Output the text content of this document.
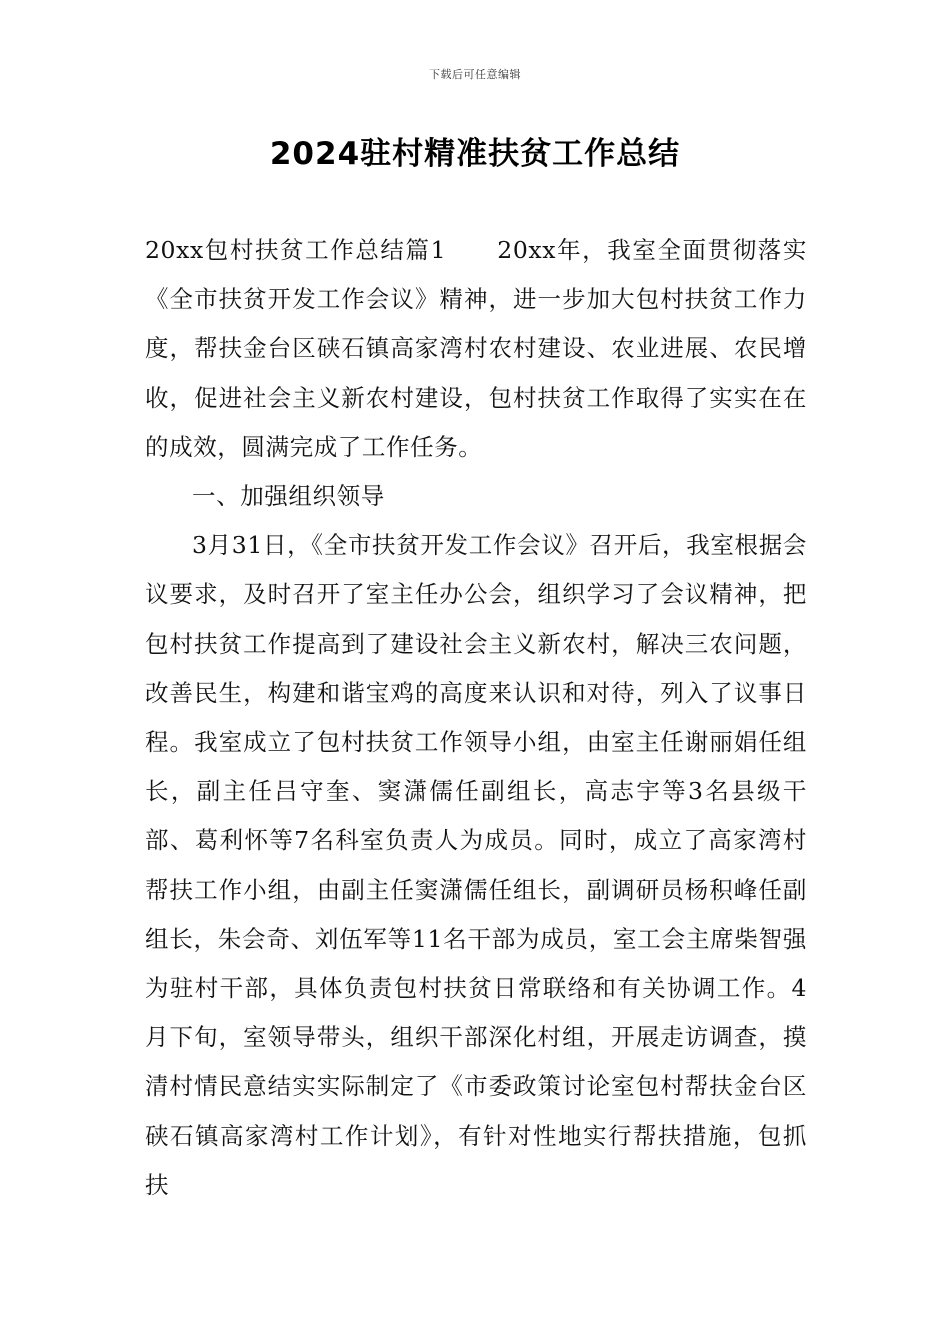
下载后可任意编辑
2024驻村精准扶贫工作总结

20xx包村扶贫工作总结篇1　　20xx年，我室全面贯彻落实《全市扶贫开发工作会议》精神，进一步加大包村扶贫工作力度，帮扶金台区硖石镇高家湾村农村建设、农业进展、农民增收，促进社会主义新农村建设，包村扶贫工作取得了实实在在的成效，圆满完成了工作任务。

一、加强组织领导

3月31日，《全市扶贫开发工作会议》召开后，我室根据会议要求，及时召开了室主任办公会，组织学习了会议精神，把包村扶贫工作提高到了建设社会主义新农村，解决三农问题，改善民生，构建和谐宝鸡的高度来认识和对待，列入了议事日程。我室成立了包村扶贫工作领导小组，由室主任谢丽娟任组长，副主任吕守奎、窦潇儒任副组长，高志宇等3名县级干部、葛利怀等7名科室负责人为成员。同时，成立了高家湾村帮扶工作小组，由副主任窦潇儒任组长，副调研员杨积峰任副组长，朱会奇、刘伍军等11名干部为成员，室工会主席柴智强为驻村干部，具体负责包村扶贫日常联络和有关协调工作。4月下旬，室领导带头，组织干部深化村组，开展走访调查，摸清村情民意结实实际制定了《市委政策讨论室包村帮扶金台区硖石镇高家湾村工作计划》，有针对性地实行帮扶措施，包抓扶
